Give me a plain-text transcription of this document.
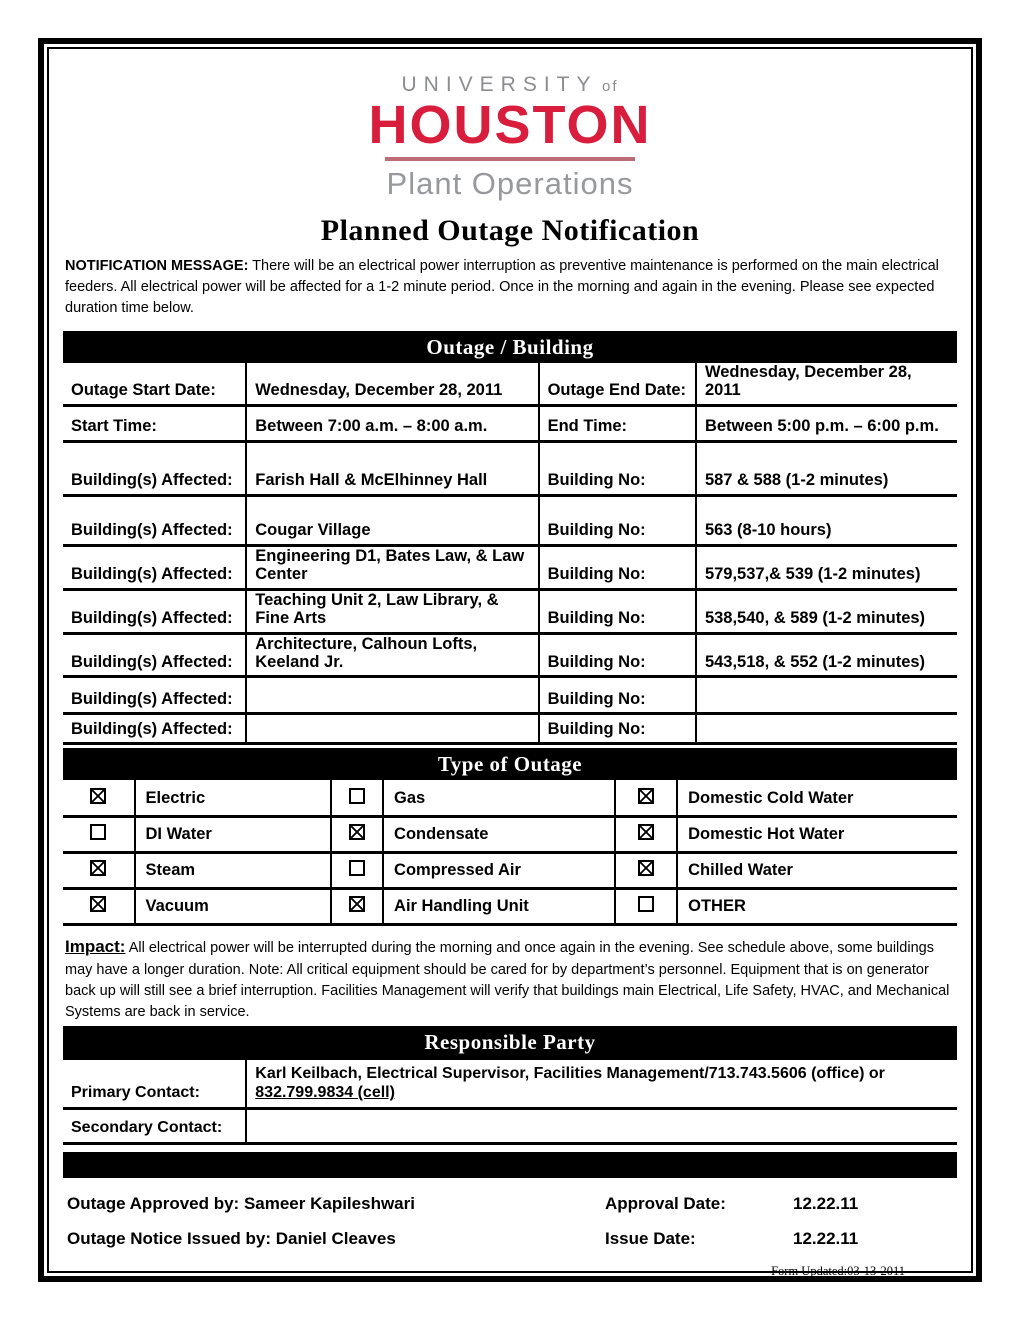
UNIVERSITY of
HOUSTON
Plant Operations
Planned Outage Notification

NOTIFICATION MESSAGE: There will be an electrical power interruption as preventive maintenance is performed on the main electrical feeders. All electrical power will be affected for a 1-2 minute period. Once in the morning and again in the evening. Please see expected duration time below.

Outage / Building
Outage Start Date:	Wednesday, December 28, 2011	Outage End Date:	Wednesday, December 28, 2011
Start Time:	Between 7:00 a.m. – 8:00 a.m.	End Time:	Between 5:00 p.m. – 6:00 p.m.
Building(s) Affected:	Farish Hall & McElhinney Hall	Building No:	587 & 588 (1-2 minutes)
Building(s) Affected:	Cougar Village	Building No:	563 (8-10 hours)
Building(s) Affected:	Engineering D1, Bates Law, & Law Center	Building No:	579,537,& 539 (1-2 minutes)
Building(s) Affected:	Teaching Unit 2, Law Library, & Fine Arts	Building No:	538,540, & 589 (1-2 minutes)
Building(s) Affected:	Architecture, Calhoun Lofts, Keeland Jr.	Building No:	543,518, & 552 (1-2 minutes)
Building(s) Affected:		Building No:	
Building(s) Affected:		Building No:	
Type of Outage
	Electric		Gas		Domestic Cold Water
	DI Water		Condensate		Domestic Hot Water
	Steam		Compressed Air		Chilled Water
	Vacuum		Air Handling Unit		OTHER

Impact: All electrical power will be interrupted during the morning and once again in the evening. See schedule above, some buildings may have a longer duration. Note: All critical equipment should be cared for by department’s personnel. Equipment that is on generator back up will still see a brief interruption. Facilities Management will verify that buildings main Electrical, Life Safety, HVAC, and Mechanical Systems are back in service.

Responsible Party
Primary Contact:	Karl Keilbach, Electrical Supervisor, Facilities Management/713.743.5606 (office) or
832.799.9834 (cell)

Secondary Contact:	
Outage Approved by: Sameer Kapileshwari	Approval Date:	12.22.11
Outage Notice Issued by: Daniel Cleaves	Issue Date:	12.22.11
Form Updated:03-13-2011
